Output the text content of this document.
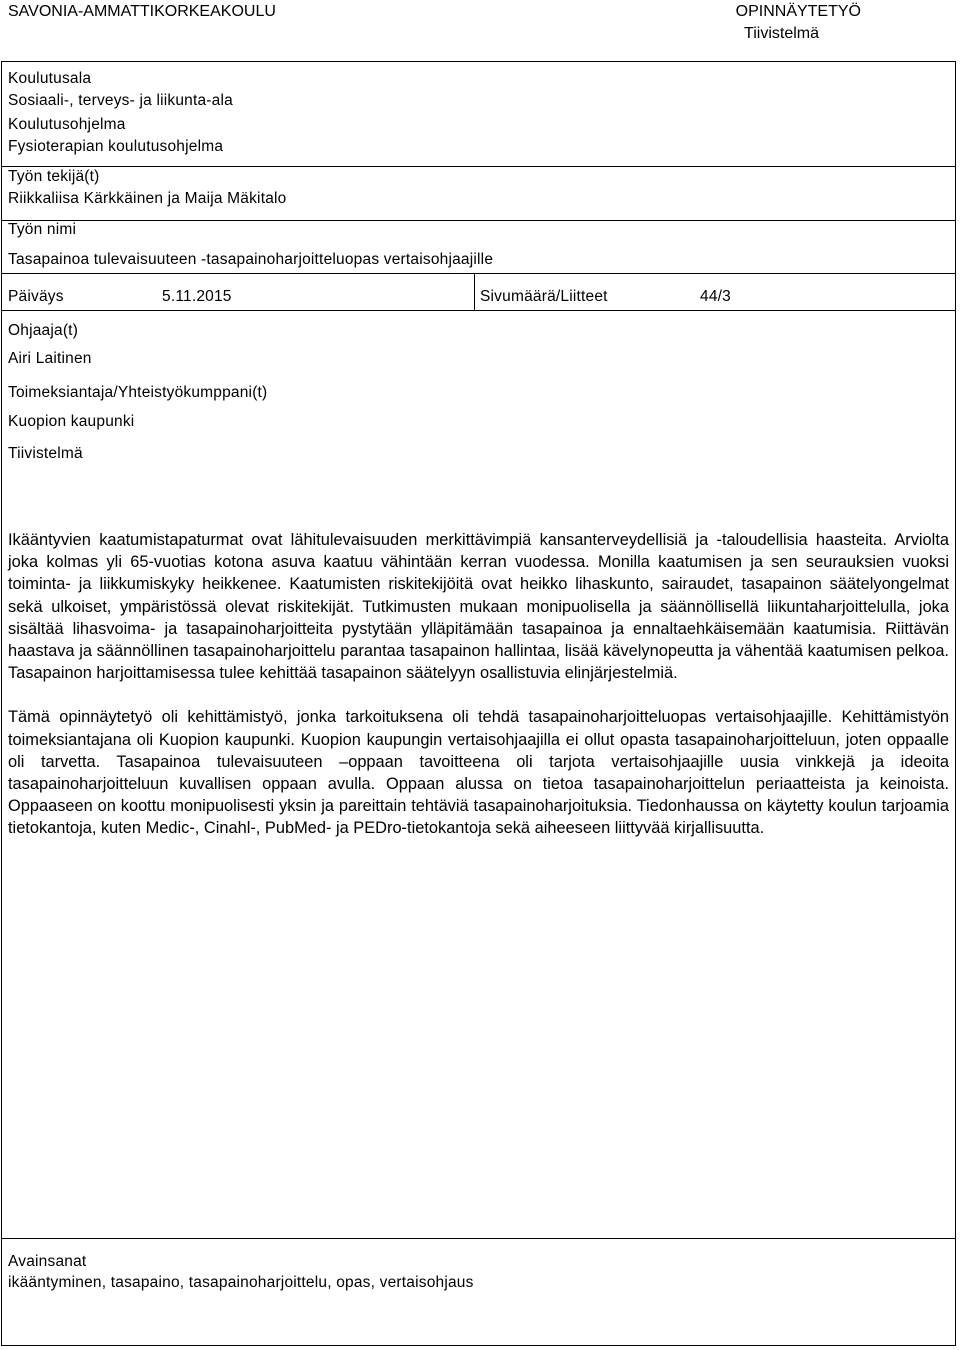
SAVONIA-AMMATTIKORKEAKOULU	OPINNÄYTETYÖ
Tiivistelmä
Koulutusala
Sosiaali-, terveys- ja liikunta-ala
Koulutusohjelma
Fysioterapian koulutusohjelma
Työn tekijä(t)
Riikkaliisa Kärkkäinen ja Maija Mäkitalo
Työn nimi
Tasapainoa tulevaisuuteen -tasapainoharjoitteluopas vertaisohjaajille
Päiväys	5.11.2015	Sivumäärä/Liitteet	44/3
Ohjaaja(t)
Airi Laitinen
Toimeksiantaja/Yhteistyökumppani(t)
Kuopion kaupunki
Tiivistelmä

Ikääntyvien kaatumistapaturmat ovat lähitulevaisuuden merkittävimpiä kansanterveydellisiä ja -taloudellisia haasteita. Arviolta joka kolmas yli 65-vuotias kotona asuva kaatuu vähintään kerran vuodessa. Monilla kaatumisen ja sen seurauksien vuoksi toiminta- ja liikkumiskyky heikkenee. Kaatumisten riskitekijöitä ovat heikko lihaskunto, sairaudet, tasapainon säätelyongelmat sekä ulkoiset, ympäristössä olevat riskitekijät. Tutkimusten mukaan monipuolisella ja säännöllisellä liikuntaharjoittelulla, joka sisältää lihasvoima- ja tasapainoharjoitteita pystytään ylläpitämään tasapainoa ja ennaltaehkäisemään kaatumisia. Riittävän haastava ja säännöllinen tasapainoharjoittelu parantaa tasapainon hallintaa, lisää kävelynopeutta ja vähentää kaatumisen pelkoa. Tasapainon harjoittamisessa tulee kehittää tasapainon säätelyyn osallistuvia elinjärjestelmiä.

Tämä opinnäytetyö oli kehittämistyö, jonka tarkoituksena oli tehdä tasapainoharjoitteluopas vertaisohjaajille. Kehittämistyön toimeksiantajana oli Kuopion kaupunki. Kuopion kaupungin vertaisohjaajilla ei ollut opasta tasapainoharjoitteluun, joten oppaalle oli tarvetta. Tasapainoa tulevaisuuteen –oppaan tavoitteena oli tarjota vertaisohjaajille uusia vinkkejä ja ideoita tasapainoharjoitteluun kuvallisen oppaan avulla. Oppaan alussa on tietoa tasapainoharjoittelun periaatteista ja keinoista. Oppaaseen on koottu monipuolisesti yksin ja pareittain tehtäviä tasapainoharjoituksia. Tiedonhaussa on käytetty koulun tarjoamia tietokantoja, kuten Medic-, Cinahl-, PubMed- ja PEDro-tietokantoja sekä aiheeseen liittyvää kirjallisuutta.

Avainsanat
ikääntyminen, tasapaino, tasapainoharjoittelu, opas, vertaisohjaus
